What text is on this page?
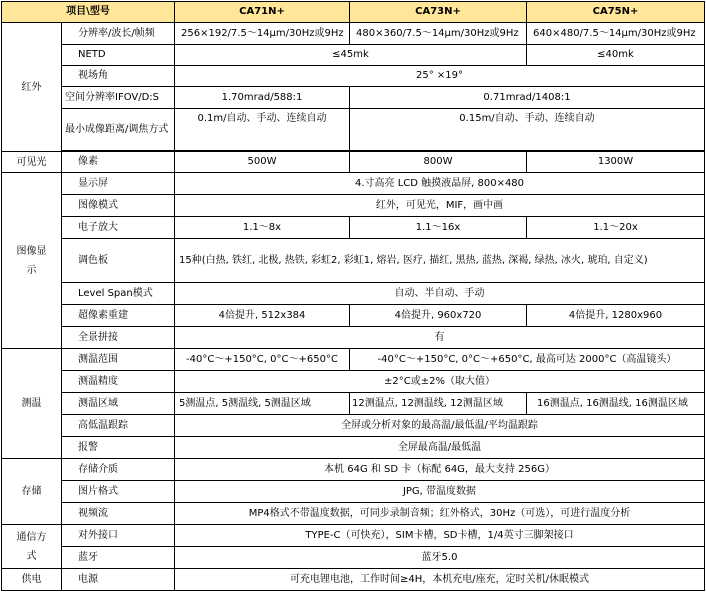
项目\型号		CA71N+	CA73N+	CA75N+
红外	分辨率/波长/帧频	256×192/7.5～14μm/30Hz或9Hz	480×360/7.5～14μm/30Hz或9Hz	640×480/7.5～14μm/30Hz或9Hz
	NETD	≤45mk		≤40mk
	视场角	25° ×19°		
	空间分辨率IFOV/D:S	1.70mrad/588:1	0.71mrad/1408:1	
	最小成像距离/调焦方式	0.1m/自动、手动、连续自动	0.15m/自动、手动、连续自动	

可见光	像素	500W	800W	1300W
图像显示	显示屏	4.寸高亮 LCD 触摸液晶屏, 800×480		
	图像模式	红外，可见光，MIF，画中画		
	电子放大	1.1～8x	1.1～16x	1.1～20x
	调色板	15种(白热, 铁红, 北极, 热铁, 彩虹2, 彩虹1, 熔岩, 医疗, 描红, 黑热, 蓝热, 深褐, 绿热, 冰火, 琥珀, 自定义)		
	Level Span模式	自动、半自动、手动		
	超像素重建	4倍提升, 512x384	4倍提升, 960x720	4倍提升, 1280x960
	全景拼接	有		
测温	测温范围	-40°C～+150°C, 0°C～+650°C	-40°C～+150°C, 0°C～+650°C, 最高可达 2000°C（高温镜头）	
	测温精度	±2°C或±2%（取大值）		
	测温区域	5测温点, 5测温线, 5测温区域	12测温点, 12测温线, 12测温区域	16测温点, 16测温线, 16测温区域
	高低温跟踪	全屏或分析对象的最高温/最低温/平均温跟踪		
	报警	全屏最高温/最低温		
存储	存储介质	本机 64G 和 SD 卡（标配 64G，最大支持 256G）		
	图片格式	JPG, 带温度数据		
	视频流	MP4格式不带温度数据，可同步录制音频；红外格式，30Hz（可选），可进行温度分析		
通信方式	对外接口	TYPE-C（可快充），SIM卡槽，SD卡槽，1/4英寸三脚架接口		
	蓝牙	蓝牙5.0		
供电	电源	可充电锂电池，工作时间≥4H，本机充电/座充，定时关机/休眠模式		
